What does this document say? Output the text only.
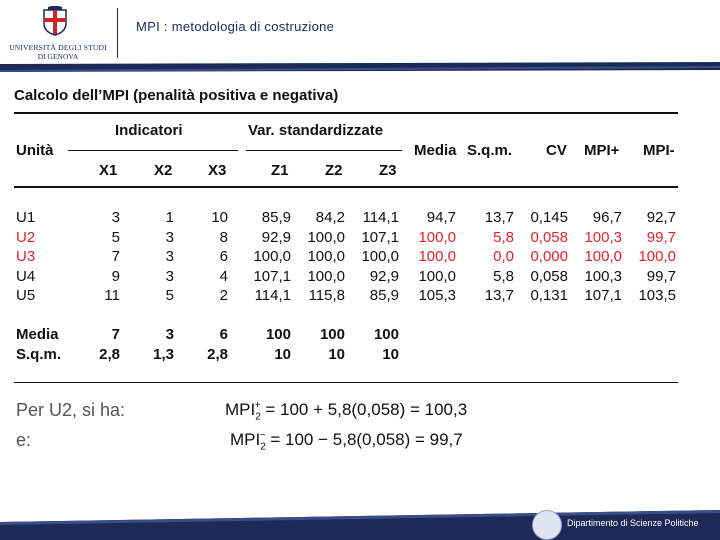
UNIVERSITÀ DEGLI STUDI
DI GENOVA
MPI : metodologia di costruzione
Calcolo dell’MPI (penalità positiva e negativa)
Indicatori	Var. standardizzate
Unità
X1 X2 X3	Z1 Z2 Z3
Media S.q.m. CV MPI+ MPI-
U1	3	1 10 85,9 84,2 114,1 94,7 13,7 0,145 96,7 92,7
U2	5	3	8 92,9 100,0 107,1 100,0 5,8 0,058 100,3 99,7
U3	7	3	6 100,0 100,0 100,0 100,0 0,0 0,000 100,0 100,0
U4	9	3	4 107,1 100,0 92,9 100,0 5,8 0,058 100,3 99,7
U5	11	5	2 114,1 115,8 85,9 105,3 13,7 0,131 107,1 103,5
Media	7	3	6	100 100 100
S.q.m.	2,8 1,3 2,8	10 10 10
Per U2, si ha:
e:
$MPI_2^+ = 100 + 5,8(0,058) = 100,3$
$MPI_2^- = 100 - 5,8(0,058) = 99,7$
Dipartimento di Scienze Politiche
